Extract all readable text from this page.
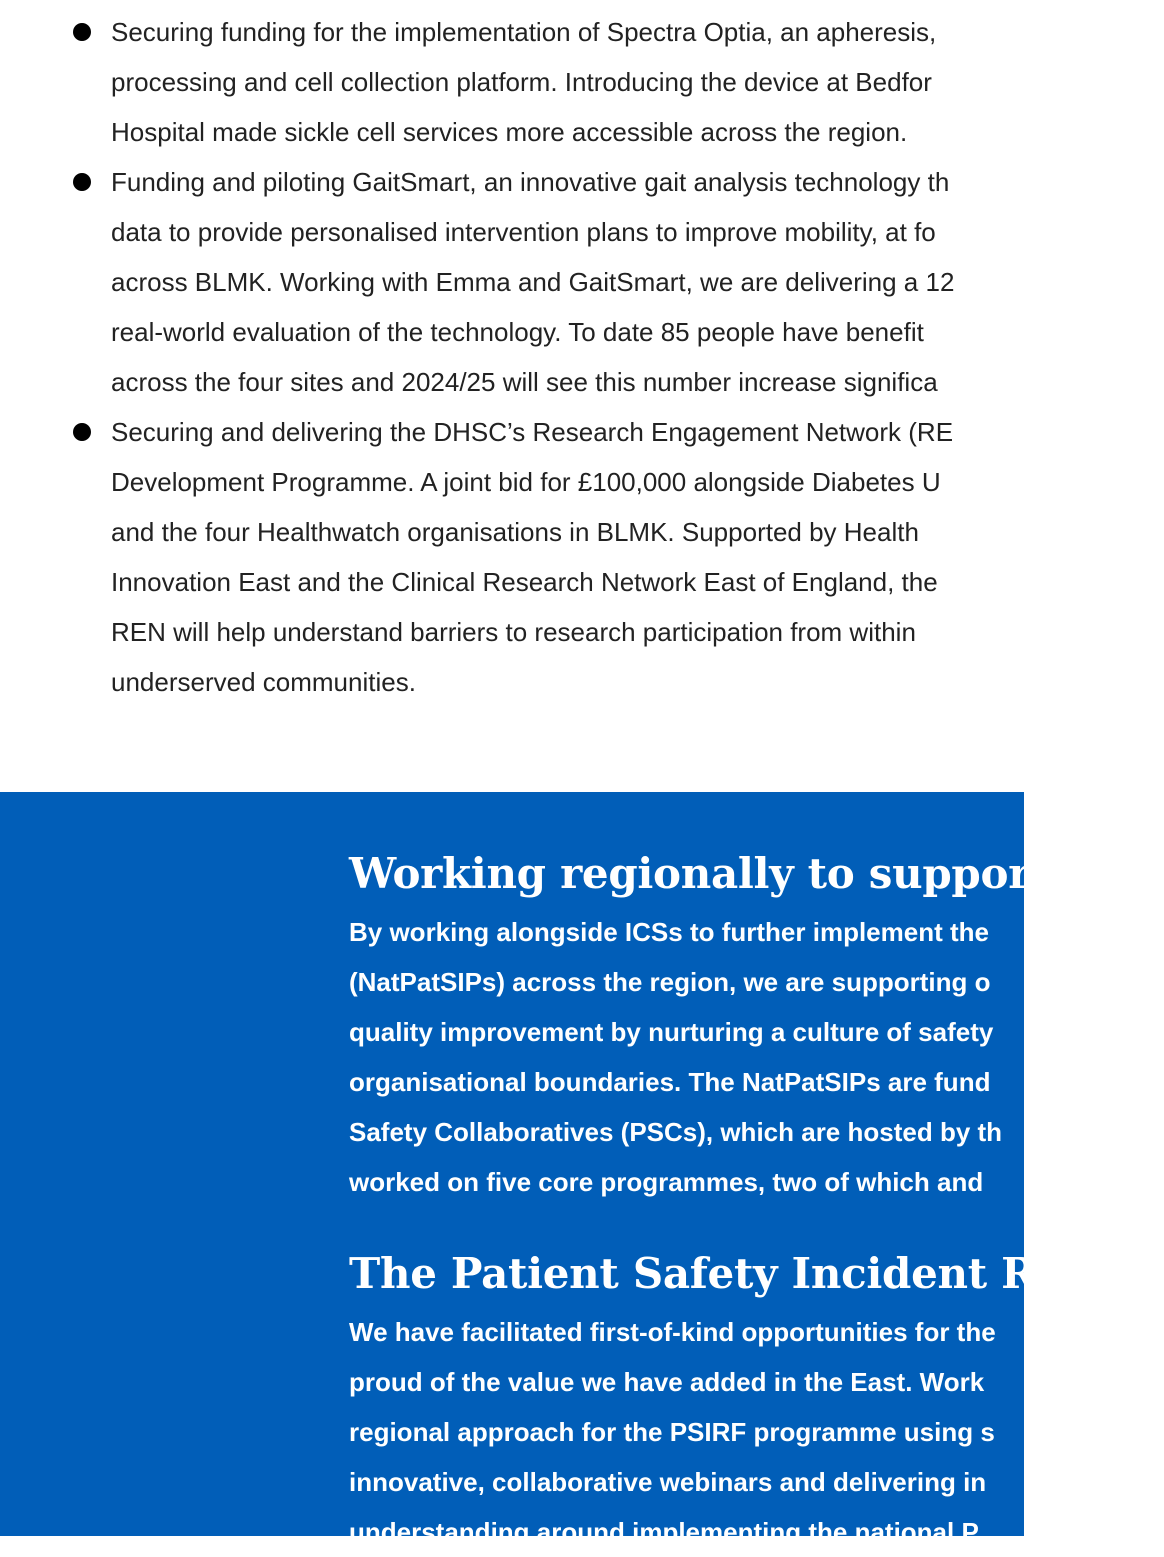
Securing funding for the implementation of Spectra Optia, an apheresis,
processing and cell collection platform. Introducing the device at Bedfor
Hospital made sickle cell services more accessible across the region.
Funding and piloting GaitSmart, an innovative gait analysis technology th
data to provide personalised intervention plans to improve mobility, at fo
across BLMK. Working with Emma and GaitSmart, we are delivering a 12
real-world evaluation of the technology. To date 85 people have benefit
across the four sites and 2024/25 will see this number increase significa
Securing and delivering the DHSC’s Research Engagement Network (RE
Development Programme. A joint bid for £100,000 alongside Diabetes U
and the four Healthwatch organisations in BLMK. Supported by Health
Innovation East and the Clinical Research Network East of England, the
REN will help understand barriers to research participation from within
underserved communities.
Working regionally to support the
By working alongside ICSs to further implement the
(NatPatSIPs) across the region, we are supporting o
quality improvement by nurturing a culture of safety
organisational boundaries. The NatPatSIPs are fund
Safety Collaboratives (PSCs), which are hosted by th
worked on five core programmes, two of which and
The Patient Safety Incident Respor
We have facilitated first-of-kind opportunities for the
proud of the value we have added in the East. Work
regional approach for the PSIRF programme using s
innovative, collaborative webinars and delivering in
understanding around implementing the national P
